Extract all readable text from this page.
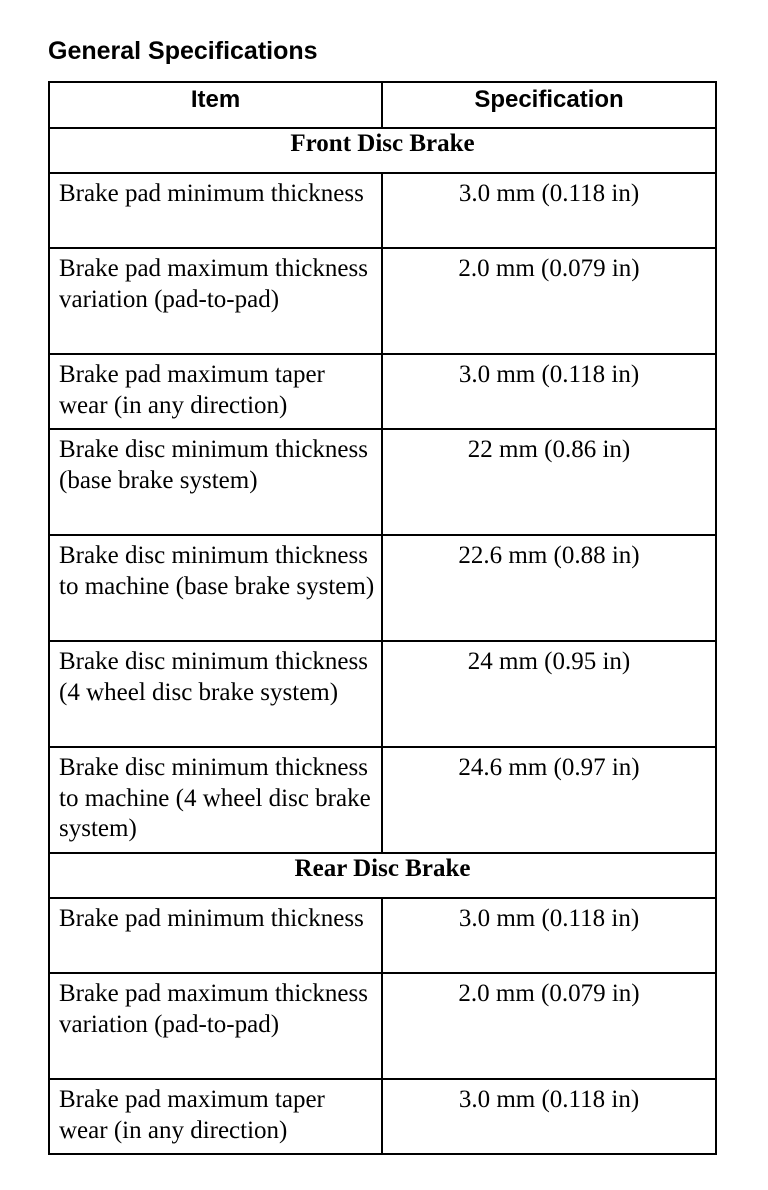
General Specifications
Item	Specification
Front Disc Brake	
Brake pad minimum thickness	3.0 mm (0.118 in)
Brake pad maximum thickness variation (pad-to-pad)	2.0 mm (0.079 in)
Brake pad maximum taper wear (in any direction)	3.0 mm (0.118 in)
Brake disc minimum thickness (base brake system)	22 mm (0.86 in)
Brake disc minimum thickness to machine (base brake system)	22.6 mm (0.88 in)
Brake disc minimum thickness (4 wheel disc brake system)	24 mm (0.95 in)
Brake disc minimum thickness to machine (4 wheel disc brake system)	24.6 mm (0.97 in)
Rear Disc Brake	
Brake pad minimum thickness	3.0 mm (0.118 in)
Brake pad maximum thickness variation (pad-to-pad)	2.0 mm (0.079 in)
Brake pad maximum taper wear (in any direction)	3.0 mm (0.118 in)
